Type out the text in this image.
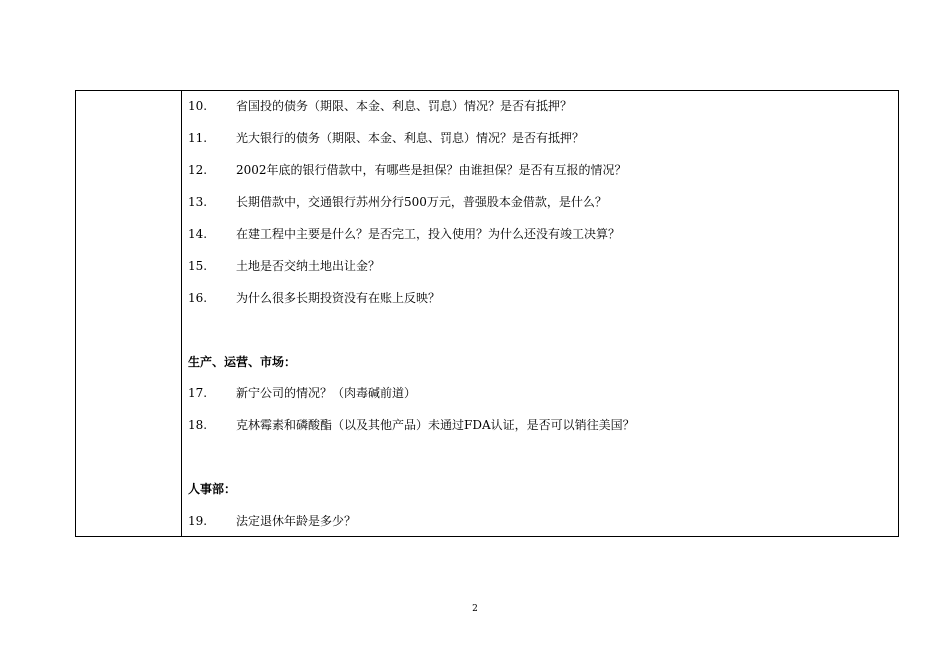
10. 省国投的债务（期限、本金、利息、罚息）情况？是否有抵押？
11. 光大银行的债务（期限、本金、利息、罚息）情况？是否有抵押？
12. 2002年底的银行借款中，有哪些是担保？由谁担保？是否有互报的情况？
13. 长期借款中，交通银行苏州分行500万元，普强股本金借款，是什么？
14. 在建工程中主要是什么？是否完工，投入使用？为什么还没有竣工决算？
15. 土地是否交纳土地出让金？
16. 为什么很多长期投资没有在账上反映？
生产、运营、市场：
17. 新宁公司的情况？（肉毒碱前道）
18. 克林霉素和磷酸酯（以及其他产品）未通过FDA认证，是否可以销往美国？
人事部：
19. 法定退休年龄是多少？
2
